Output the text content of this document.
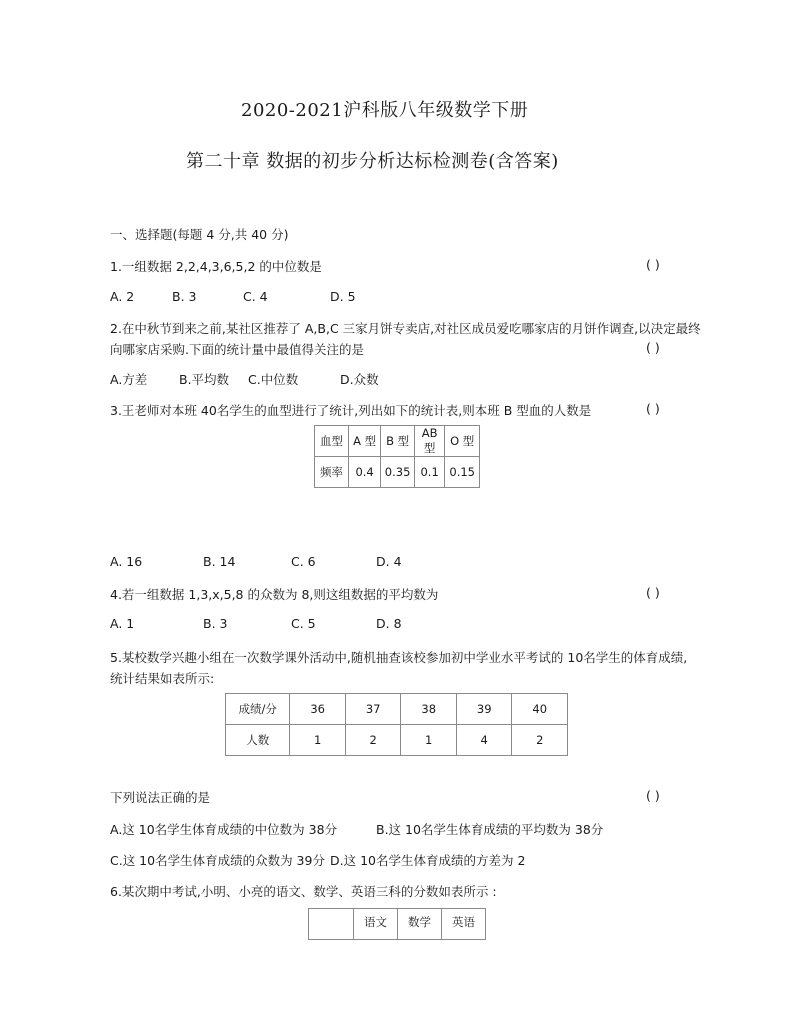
2020-2021沪科版八年级数学下册
第二十章 数据的初步分析达标检测卷(含答案)
一、选择题(每题 4 分,共 40 分)
1.一组数据 2,2,4,3,6,5,2 的中位数是	( )
A. 2	B. 3	C. 4	D. 5
2.在中秋节到来之前,某社区推荐了 A,B,C 三家月饼专卖店,对社区成员爱吃哪家店的月饼作调查,以决定最终
向哪家店采购.下面的统计量中最值得关注的是	( )
A.方差	B.平均数 C.中位数	D.众数
3.王老师对本班 40名学生的血型进行了统计,列出如下的统计表,则本班 B 型血的人数是	( )
血型	A 型	B 型	AB 型	O 型
频率	0.4	0.35	0.1	0.15
A. 16	B. 14	C. 6	D. 4
4.若一组数据 1,3,x,5,8 的众数为 8,则这组数据的平均数为	( )
A. 1	B. 3	C. 5	D. 8
5.某校数学兴趣小组在一次数学课外活动中,随机抽查该校参加初中学业水平考试的 10名学生的体育成绩,
统计结果如表所示:
成绩/分	36	37	38	39	40
人数	1	2	1	4	2
下列说法正确的是	( )
A.这 10名学生体育成绩的中位数为 38分	B.这 10名学生体育成绩的平均数为 38分
C.这 10名学生体育成绩的众数为 39分 D.这 10名学生体育成绩的方差为 2
6.某次期中考试,小明、小亮的语文、数学、英语三科的分数如表所示 :
	语文	数学	英语
